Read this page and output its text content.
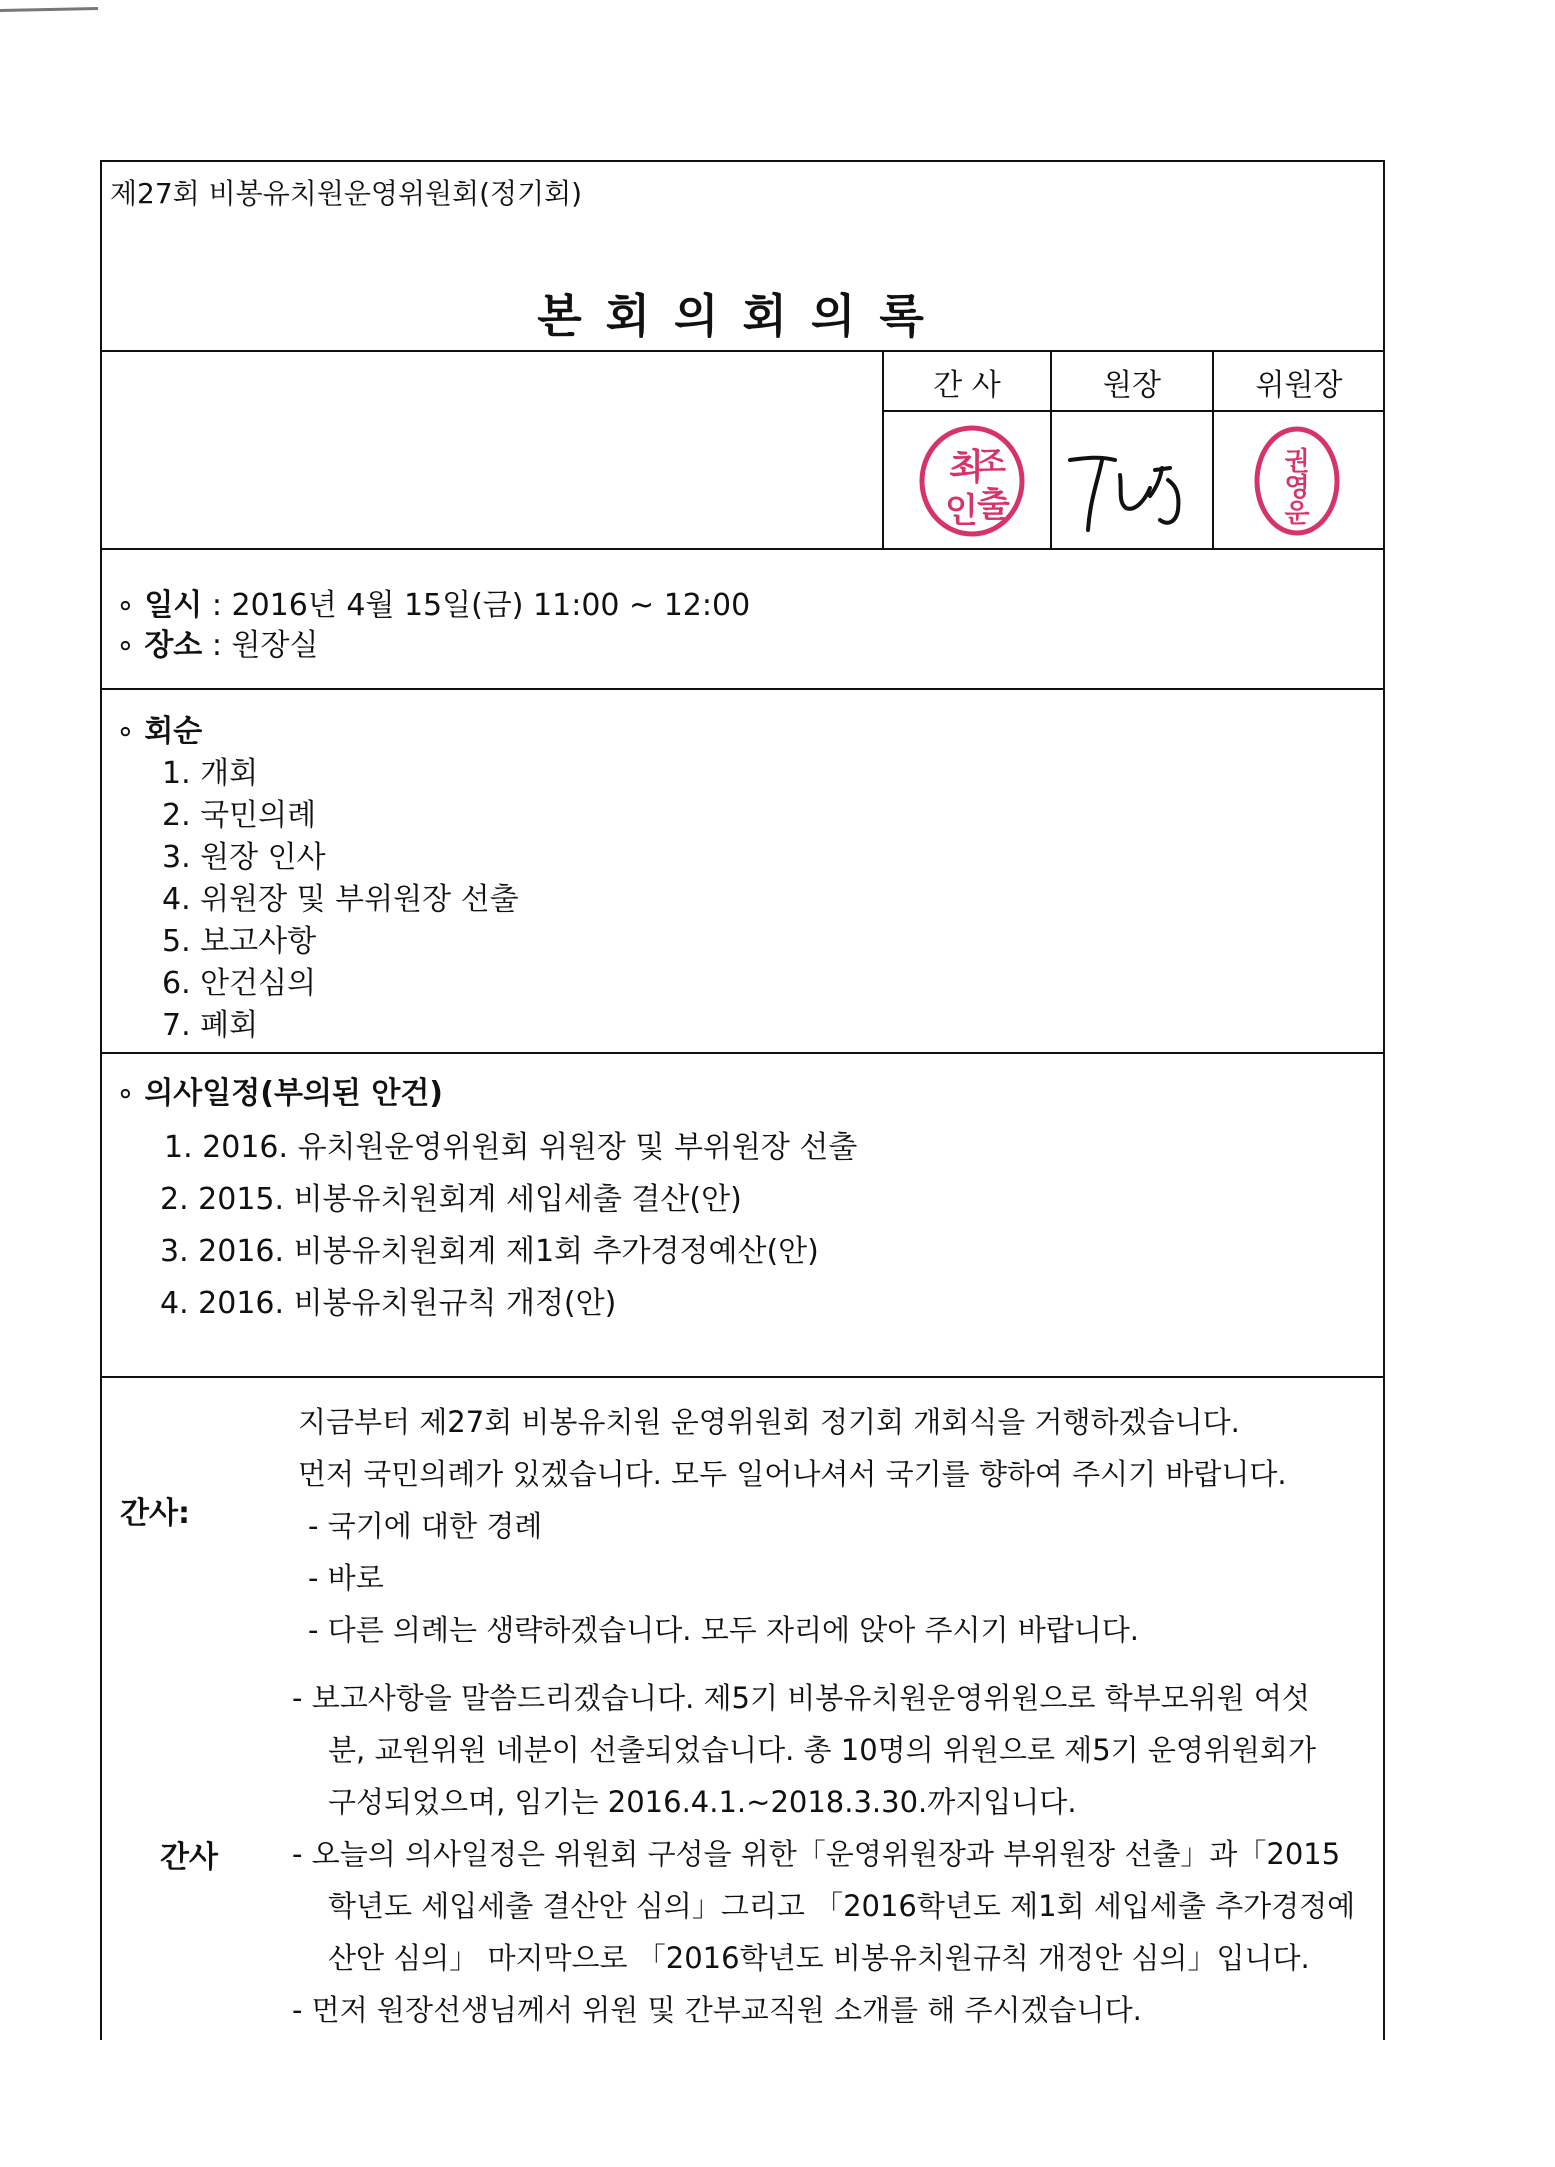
제27회 비봉유치원운영위원회(정기회)
본회의회의록
간 사	원장	위원장
최
조
인 출
권
영
운
∘ 일시 : 2016년 4월 15일(금) 11:00 ~ 12:00
∘ 장소 : 원장실
∘ 회순
1. 개회
2. 국민의례
3. 원장 인사
4. 위원장 및 부위원장 선출
5. 보고사항
6. 안건심의
7. 폐회
∘ 의사일정(부의된 안건)
1. 2016. 유치원운영위원회 위원장 및 부위원장 선출
2. 2015. 비봉유치원회계 세입세출 결산(안)
3. 2016. 비봉유치원회계 제1회 추가경정예산(안)
4. 2016. 비봉유치원규칙 개정(안)
간사:
지금부터 제27회 비봉유치원 운영위원회 정기회 개회식을 거행하겠습니다.
먼저 국민의례가 있겠습니다. 모두 일어나셔서 국기를 향하여 주시기 바랍니다.
- 국기에 대한 경례
- 바로
- 다른 의례는 생략하겠습니다. 모두 자리에 앉아 주시기 바랍니다.
간사
- 보고사항을 말씀드리겠습니다. 제5기 비봉유치원운영위원으로 학부모위원 여섯
분, 교원위원 네분이 선출되었습니다. 총 10명의 위원으로 제5기 운영위원회가
구성되었으며, 임기는 2016.4.1.~2018.3.30.까지입니다.
- 오늘의 의사일정은 위원회 구성을 위한「운영위원장과 부위원장 선출」과「2015
학년도 세입세출 결산안 심의」그리고 「2016학년도 제1회 세입세출 추가경정예
산안 심의」 마지막으로 「2016학년도 비봉유치원규칙 개정안 심의」입니다.
- 먼저 원장선생님께서 위원 및 간부교직원 소개를 해 주시겠습니다.
